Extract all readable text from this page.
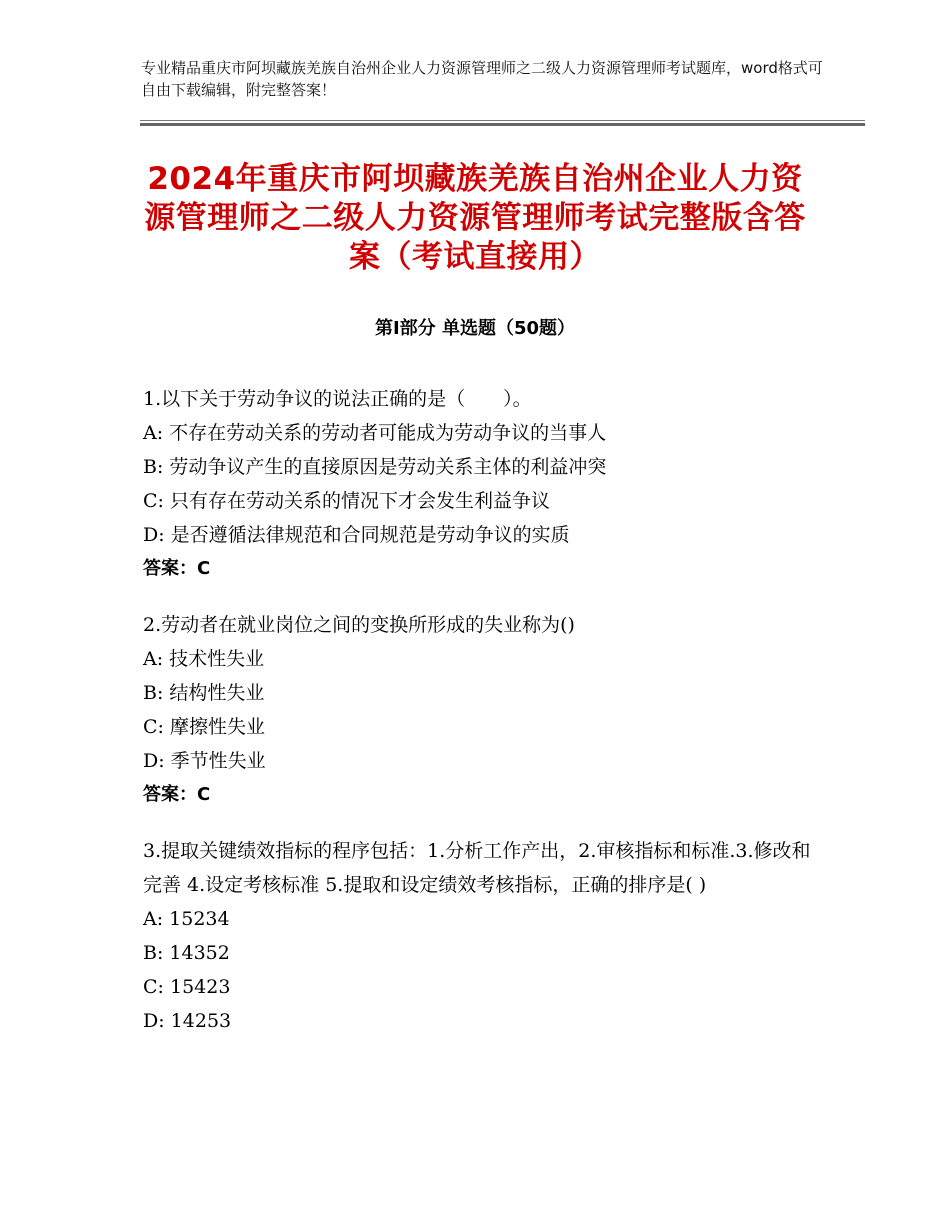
专业精品重庆市阿坝藏族羌族自治州企业人力资源管理师之二级人力资源管理师考试题库，word格式可自由下载编辑，附完整答案！
2024年重庆市阿坝藏族羌族自治州企业人力资源管理师之二级人力资源管理师考试完整版含答案（考试直接用）
第Ⅰ部分 单选题（50题）

1.以下关于劳动争议的说法正确的是（　　）。

A: 不存在劳动关系的劳动者可能成为劳动争议的当事人

B: 劳动争议产生的直接原因是劳动关系主体的利益冲突

C: 只有存在劳动关系的情况下才会发生利益争议

D: 是否遵循法律规范和合同规范是劳动争议的实质

答案：C

2.劳动者在就业岗位之间的变换所形成的失业称为()

A: 技术性失业

B: 结构性失业

C: 摩擦性失业

D: 季节性失业

答案：C

3.提取关键绩效指标的程序包括：1.分析工作产出，2.审核指标和标准.3.修改和完善 4.设定考核标准 5.提取和设定绩效考核指标，正确的排序是( )

A: 15234

B: 14352

C: 15423

D: 14253
